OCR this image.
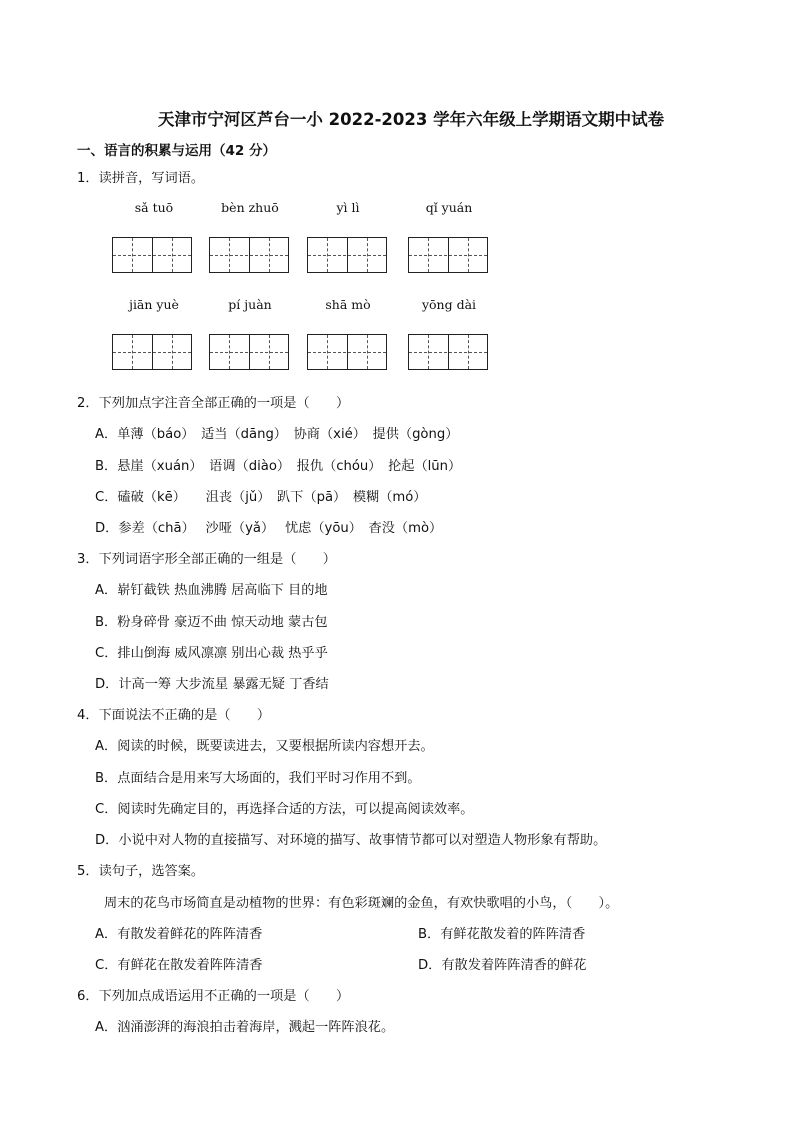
天津市宁河区芦台一小 2022-2023 学年六年级上学期语文期中试卷
一、语言的积累与运用（42 分）
1．读拼音，写词语。
sǎ tuō	bèn zhuō	yì lì	qǐ yuán
jiān yuè	pí juàn	shā mò	yōng dài
2．下列加点字注音全部正确的一项是（　　）
A．单薄（báo）　适当（dāng）　协商（xié）　提供（gòng）
B．悬崖（xuán）　语调（diào）　报仇（chóu）　抡起（lūn）
C．磕破（kē）　　沮丧（jǔ）　趴下（pā）　模糊（mó）
D．参差（chā）　 沙哑（yǎ）　 忧虑（yōu）　杳没（mò）
3．下列词语字形全部正确的一组是（　　）
A．崭钉截铁 热血沸腾 居高临下 目的地
B．粉身碎骨 豪迈不曲 惊天动地 蒙古包
C．排山倒海 威风凛凛 别出心裁 热乎乎
D．计高一筹 大步流星 暴露无疑 丁香结
4．下面说法不正确的是（　　）
A．阅读的时候，既要读进去，又要根据所读内容想开去。
B．点面结合是用来写大场面的，我们平时习作用不到。
C．阅读时先确定目的，再选择合适的方法，可以提高阅读效率。
D．小说中对人物的直接描写、对环境的描写、故事情节都可以对塑造人物形象有帮助。
5．读句子，选答案。
周末的花鸟市场简直是动植物的世界：有色彩斑斓的金鱼，有欢快歌唱的小鸟，（　　）。
A．有散发着鲜花的阵阵清香	B．有鲜花散发着的阵阵清香
C．有鲜花在散发着阵阵清香	D．有散发着阵阵清香的鲜花
6．下列加点成语运用不正确的一项是（　　）
A．汹涌澎湃的海浪拍击着海岸，溅起一阵阵浪花。
